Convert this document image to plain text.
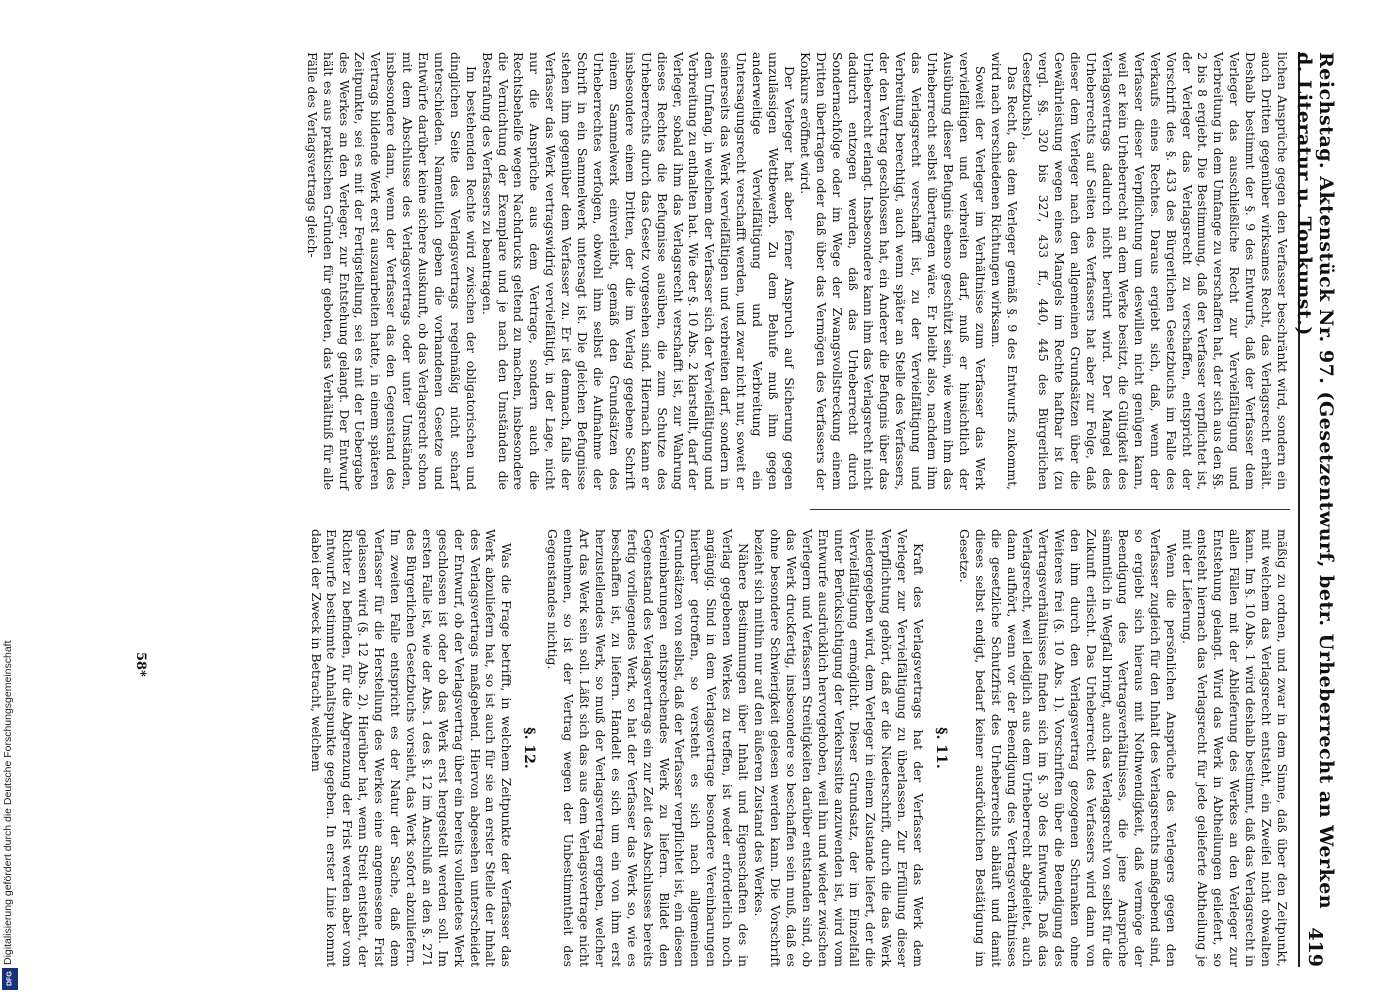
Digitalisierung gefördert durch die Deutsche Forschungsgemeinschaft
DFG
Reichstag. Aktenstück Nr. 97. (Gesetzentwurf, betr. Urheberrecht an Werken d. Literatur u. Tonkunst.)
419

lichen Ansprüche gegen den Verfasser beschränkt wird, sondern ein auch Dritten gegenüber wirksames Recht, das Verlagsrecht erhält. Deshalb bestimmt der §. 9 des Entwurfs, daß der Verfasser dem Verleger das ausschließliche Recht zur Vervielfältigung und Verbreitung in dem Umfange zu verschaffen hat, der sich aus den §§. 2 bis 8 ergiebt. Die Bestimmung, daß der Verfasser verpflichtet ist, der Verleger das Verlagsrecht zu verschaffen, entspricht der Vorschrift des §. 433 des Bürgerlichen Gesetzbuchs im Falle des Verkaufs eines Rechtes. Daraus ergiebt sich, daß, wenn der Verfasser dieser Verpflichtung um deswillen nicht genügen kann, weil er kein Urheberrecht an dem Werke besitzt, die Gültigkeit des Verlagsvertrags dadurch nicht berührt wird. Der Mangel des Urheberrechts auf Seiten des Verfassers hat aber zur Folge, daß dieser dem Verleger nach den allgemeinen Grundsätzen über die Gewährleistung wegen eines Mangels im Rechte haftbar ist (zu vergl. §§. 320 bis 327, 433 ff., 440, 445 des Bürgerlichen Gesetzbuchs).

Das Recht, das dem Verleger gemäß §. 9 des Entwurfs zukommt, wird nach verschiedenen Richtungen wirksam.

Soweit der Verleger im Verhältnisse zum Verfasser das Werk vervielfältigen und verbreiten darf, muß er hinsichtlich der Ausübung dieser Befugnis ebenso geschützt sein, wie wenn ihm das Urheberrecht selbst übertragen wäre. Er bleibt also, nachdem ihm das Verlagsrecht verschafft ist, zu der Vervielfältigung und Verbreitung berechtigt, auch wenn später an Stelle des Verfassers, der den Vertrag geschlossen hat, ein Anderer die Befugnis über das Urheberrecht erlangt. Insbesondere kann ihm das Verlagsrecht nicht dadurch entzogen werden, daß das Urheberrecht durch Sondernachfolge oder im Wege der Zwangsvollstreckung einem Dritten übertragen oder daß über das Vermögen des Verfassers der Konkurs eröffnet wird.

Der Verleger hat aber ferner Anspruch auf Sicherung gegen unzulässigen Wettbewerb. Zu dem Behufe muß ihm gegen anderweitige Vervielfältigung und Verbreitung ein Untersagungsrecht verschafft werden, und zwar nicht nur, soweit er seinerseits das Werk vervielfältigen und verbreiten darf, sondern in dem Umfang, in welchem der Verfasser sich der Vervielfältigung und Verbreitung zu enthalten hat. Wie der §. 10 Abs. 2 klarstellt, darf der Verleger, sobald ihm das Verlagsrecht verschafft ist, zur Wahrung dieses Rechtes die Befugnisse ausüben, die zum Schutze des Urheberrechts durch das Gesetz vorgesehen sind. Hiernach kann er insbesondere einem Dritten, der die im Verlag gegebene Schrift einem Sammelwerk einverleibt, gemäß den Grundsätzen des Urheberrechtes verfolgen, obwohl ihm selbst die Aufnahme der Schrift in ein Sammelwerk untersagt ist. Die gleichen Befugnisse stehen ihm gegenüber dem Verfasser zu. Er ist demnach, falls der Verfasser das Werk vertragswidrig vervielfältigt, in der Lage, nicht nur die Ansprüche aus dem Vertrage, sondern auch die Rechtsbehelfe wegen Nachdrucks geltend zu machen, insbesondere die Vernichtung der Exemplare und je nach den Umständen die Bestrafung des Verfassers zu beantragen.

Im bestehenden Rechte wird zwischen der obligatorischen und dinglichen Seite des Verlagsvertrags regelmäßig nicht scharf unterschieden. Namentlich geben die vorhandenen Gesetze und Entwürfe darüber keine sichere Auskunft, ob das Verlagsrecht schon mit dem Abschlusse des Verlagsvertrags oder unter Umständen, insbesondere dann, wenn der Verfasser das den Gegenstand des Vertrags bildende Werk erst auszuarbeiten hatte, in einem späteren Zeitpunkte, sei es mit der Fertigstellung, sei es mit der Uebergabe des Werkes an den Verleger, zur Entstehung gelangt. Der Entwurf hält es aus praktischen Gründen für geboten, das Verhältniß für alle Fälle des Verlagsvertrags gleich-

mäßig zu ordnen, und zwar in dem Sinne, daß über den Zeitpunkt, mit welchem das Verlagsrecht entsteht, ein Zweifel nicht obwalten kann. Im §. 10 Abs. 1 wird deshalb bestimmt, daß das Verlagsrecht in allen Fällen mit der Ablieferung des Werkes an den Verleger zur Entstehung gelangt. Wird das Werk in Abtheilungen geliefert, so entsteht hiernach das Verlagsrecht für jede gelieferte Abtheilung je mit der Lieferung.

Wenn die persönlichen Ansprüche des Verlegers gegen den Verfasser zugleich für den Inhalt des Verlagsrechts maßgebend sind, so ergiebt sich hieraus mit Nothwendigkeit, daß vermöge der Beendigung des Vertragsverhältnisses, die jene Ansprüche sämmtlich in Wegfall bringt, auch das Verlagsrecht von selbst für die Zukunft erlischt. Das Urheberrecht des Verfassers wird dann von den ihm durch den Verlagsvertrag gezogenen Schranken ohne Weiteres frei (§. 10 Abs. 1). Vorschriften über die Beendigung des Vertragsverhältnisses finden sich im §. 30 des Entwurfs. Daß das Verlagsrecht, weil lediglich aus dem Urheberrecht abgeleitet, auch dann aufhört, wenn vor der Beendigung des Vertragsverhältnisses die gesetzliche Schutzfrist des Urheberrechts abläuft und damit dieses selbst endigt, bedarf keiner ausdrücklichen Bestätigung im Gesetze.

§. 11.

Kraft des Verlagsvertrags hat der Verfasser das Werk dem Verleger zur Vervielfältigung zu überlassen. Zur Erfüllung dieser Verpflichtung gehört, daß er die Niederschrift, durch die das Werk niedergegeben wird, dem Verleger in einem Zustande liefert, der die Vervielfältigung ermöglicht. Dieser Grundsatz, der im Einzelfall unter Berücksichtigung der Verkehrssitte anzuwenden ist, wird vom Entwurfe ausdrücklich hervorgehoben, weil hin und wieder zwischen Verlegern und Verfassern Streitigkeiten darüber entstanden sind, ob das Werk druckfertig, insbesondere so beschaffen sein muß, daß es ohne besondere Schwierigkeit gelesen werden kann. Die Vorschrift bezieht sich mithin nur auf den äußeren Zustand des Werkes.

Nähere Bestimmungen über Inhalt und Eigenschaften des in Verlag gegebenen Werkes zu treffen, ist weder erforderlich noch angängig. Sind in dem Verlagsvertrage besondere Vereinbarungen hierüber getroffen, so versteht es sich nach allgemeinen Grundsätzen von selbst, daß der Verfasser verpflichtet ist, ein diesen Vereinbarungen entsprechendes Werk zu liefern. Bildet den Gegenstand des Verlagsvertrags ein zur Zeit des Abschlusses bereits fertig vorliegendes Werk, so hat der Verfasser das Werk so, wie es beschaffen ist, zu liefern. Handelt es sich um ein von ihm erst herzustellendes Werk, so muß der Verlagsvertrag ergeben, welcher Art das Werk sein soll. Läßt sich das aus dem Verlagsvertrage nicht entnehmen, so ist der Vertrag wegen der Unbestimmtheit des Gegenstandes nichtig.

§. 12.

Was die Frage betrifft, in welchem Zeitpunkte der Verfasser das Werk abzuliefern hat, so ist auch für sie an erster Stelle der Inhalt des Verlagsvertrags maßgebend. Hiervon abgesehen unterscheidet der Entwurf, ob der Verlagsvertrag über ein bereits vollendetes Werk geschlossen ist oder ob das Werk erst hergestellt werden soll. Im ersten Falle ist, wie der Abs. 1 des §. 12 im Anschluß an den §. 271 des Bürgerlichen Gesetzbuchs vorsieht, das Werk sofort abzuliefern. Im zweiten Falle entspricht es der Natur der Sache, daß dem Verfasser für die Herstellung des Werkes eine angemessene Frist gelassen wird (§. 12 Abs. 2). Hierüber hat, wenn Streit entsteht, der Richter zu befinden, für die Abgrenzung der Frist werden aber vom Entwurfe bestimmte Anhaltspunkte gegeben. In erster Linie kommt dabei der Zweck in Betracht, welchem

58*
